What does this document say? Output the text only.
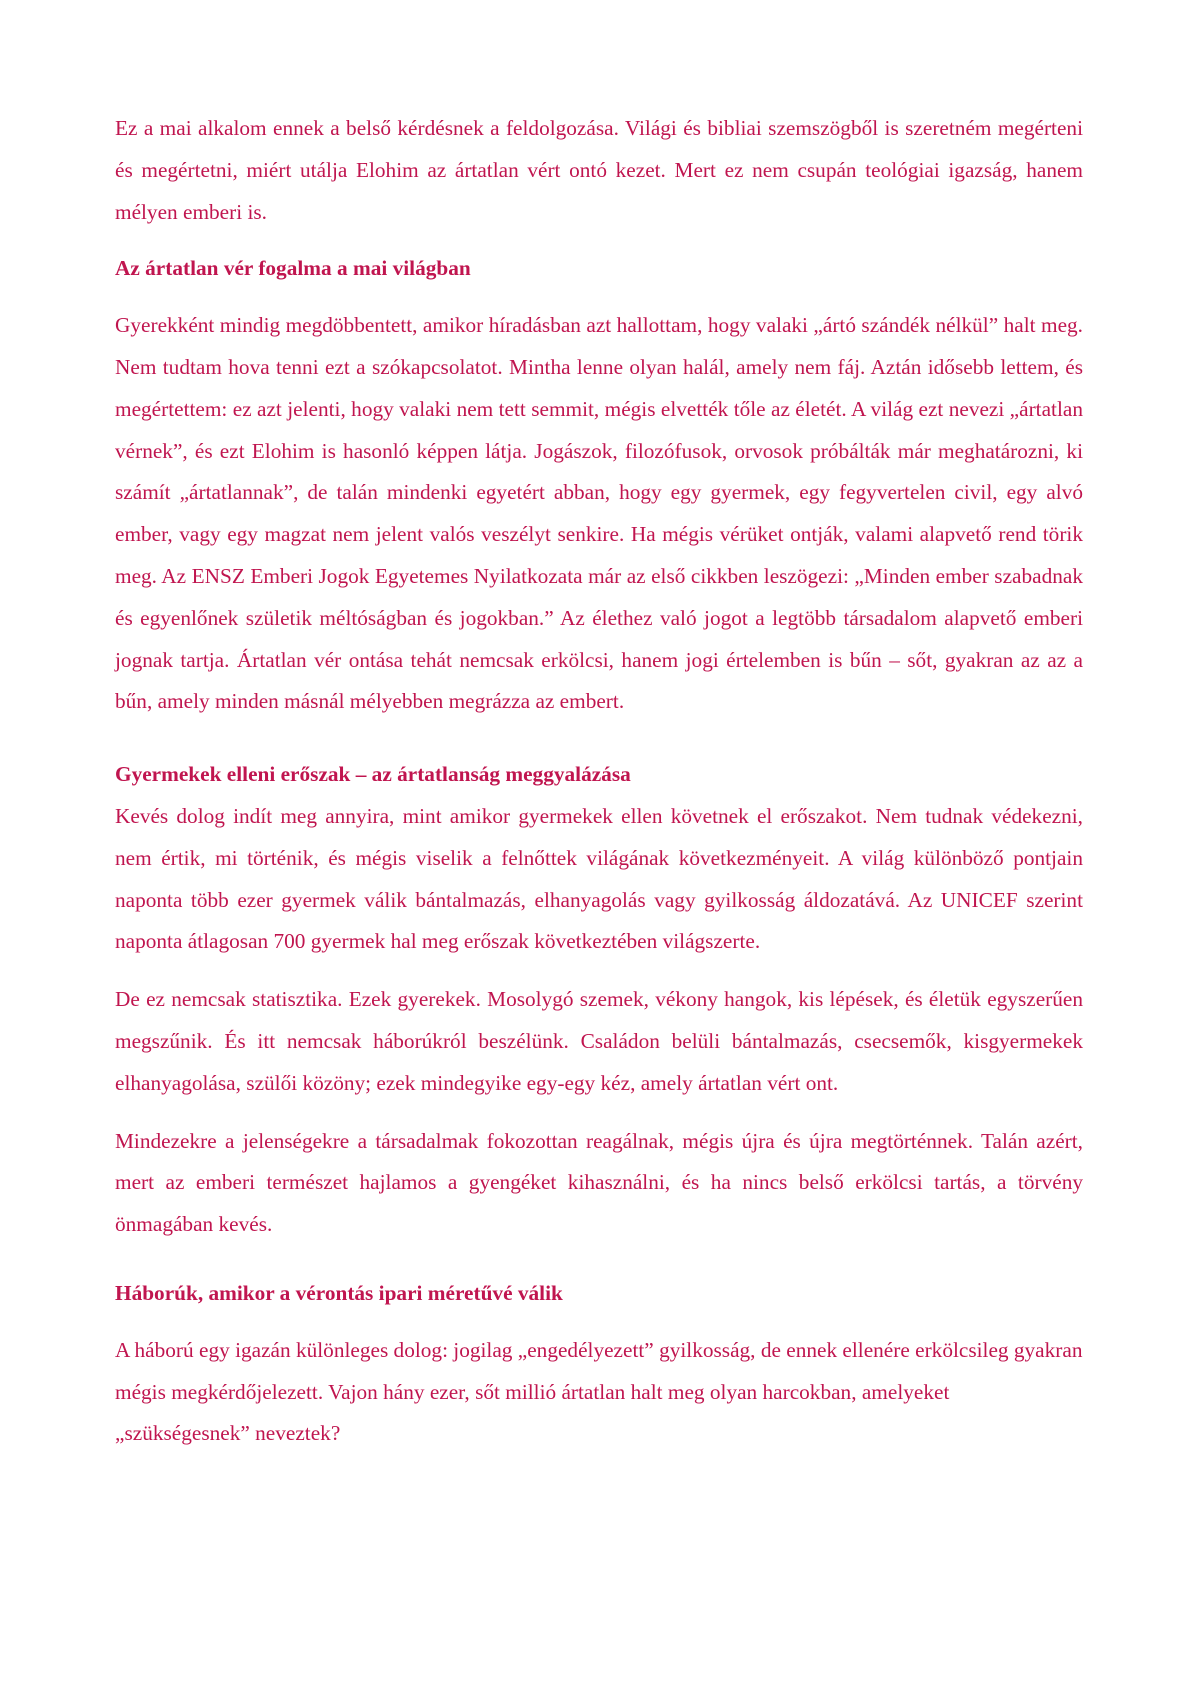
Ez a mai alkalom ennek a belső kérdésnek a feldolgozása. Világi és bibliai szemszögből is szeretném megérteni és megértetni, miért utálja Elohim az ártatlan vért ontó kezet. Mert ez nem csupán teológiai igazság, hanem mélyen emberi is.

Az ártatlan vér fogalma a mai világban

Gyerekként mindig megdöbbentett, amikor híradásban azt hallottam, hogy valaki „ártó szándék nélkül” halt meg. Nem tudtam hova tenni ezt a szókapcsolatot. Mintha lenne olyan halál, amely nem fáj. Aztán idősebb lettem, és megértettem: ez azt jelenti, hogy valaki nem tett semmit, mégis elvették tőle az életét. A világ ezt nevezi „ártatlan vérnek”, és ezt Elohim is hasonló képpen látja. Jogászok, filozófusok, orvosok próbálták már meghatározni, ki számít „ártatlannak”, de talán mindenki egyetért abban, hogy egy gyermek, egy fegyvertelen civil, egy alvó ember, vagy egy magzat nem jelent valós veszélyt senkire. Ha mégis vérüket ontják, valami alapvető rend törik meg. Az ENSZ Emberi Jogok Egyetemes Nyilatkozata már az első cikkben leszögezi: „Minden ember szabadnak és egyenlőnek születik méltóságban és jogokban.” Az élethez való jogot a legtöbb társadalom alapvető emberi jognak tartja. Ártatlan vér ontása tehát nemcsak erkölcsi, hanem jogi értelemben is bűn – sőt, gyakran az az a bűn, amely minden másnál mélyebben megrázza az embert.

Gyermekek elleni erőszak – az ártatlanság meggyalázása

Kevés dolog indít meg annyira, mint amikor gyermekek ellen követnek el erőszakot. Nem tudnak védekezni, nem értik, mi történik, és mégis viselik a felnőttek világának következményeit. A világ különböző pontjain naponta több ezer gyermek válik bántalmazás, elhanyagolás vagy gyilkosság áldozatává. Az UNICEF szerint naponta átlagosan 700 gyermek hal meg erőszak következtében világszerte.

De ez nemcsak statisztika. Ezek gyerekek. Mosolygó szemek, vékony hangok, kis lépések, és életük egyszerűen megszűnik. És itt nemcsak háborúkról beszélünk. Családon belüli bántalmazás, csecsemők, kisgyermekek elhanyagolása, szülői közöny; ezek mindegyike egy-egy kéz, amely ártatlan vért ont.

Mindezekre a jelenségekre a társadalmak fokozottan reagálnak, mégis újra és újra megtörténnek. Talán azért, mert az emberi természet hajlamos a gyengéket kihasználni, és ha nincs belső erkölcsi tartás, a törvény önmagában kevés.

Háborúk, amikor a vérontás ipari méretűvé válik

A háború egy igazán különleges dolog: jogilag „engedélyezett” gyilkosság, de ennek ellenére erkölcsileg gyakran mégis megkérdőjelezett. Vajon hány ezer, sőt millió ártatlan halt meg olyan harcokban, amelyeket „szükségesnek” neveztek?
